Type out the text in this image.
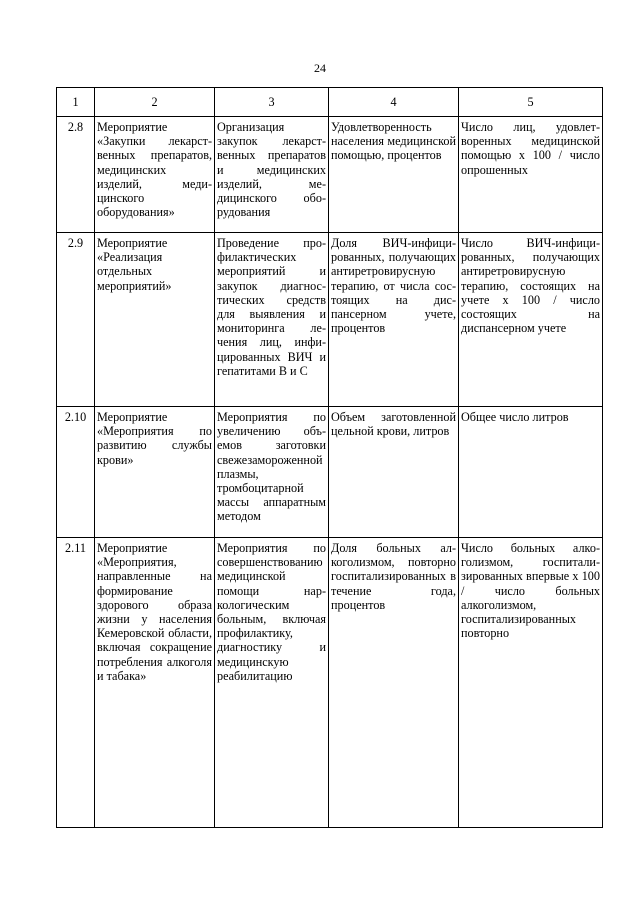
24
1	2	3	4	5
2.8	Мероприятие «Закупки лекарственных препаратов, медицинских изделий, медицинского оборудования»	Организация закупок лекарственных препаратов и медицинских изделий, медицинского оборудования	Удовлетворенность населения медицинской помощью, процентов	Число лиц, удовлетворенных медицинской помощью х 100 / число опрошенных
2.9	Мероприятие «Реализация отдельных мероприятий»	Проведение профилактических мероприятий и закупок диагностических средств для выявления и мониторинга лечения лиц, инфицированных ВИЧ и гепатитами В и С	Доля ВИЧ-инфицированных, получающих антиретровирусную терапию, от числа состоящих на диспансерном учете, процентов	Число ВИЧ-инфицированных, получающих антиретровирусную терапию, состоящих на учете х 100 / число состоящих на диспансерном учете
2.10	Мероприятие «Мероприятия по развитию службы крови»	Мероприятия по увеличению объемов заготовки свежезамороженной плазмы, тромбоцитарной массы аппаратным методом	Объем заготовленной цельной крови, литров	Общее число литров
2.11	Мероприятие «Мероприятия, направленные на формирование здорового образа жизни у населения Кемеровской области, включая сокращение потребления алкоголя и табака»	Мероприятия по совершенствованию медицинской помощи наркологическим больным, включая профилактику, диагностику и медицинскую реабилитацию	Доля больных алкоголизмом, повторно госпитализированных в течение года, процентов	Число больных алкоголизмом, госпитализированных впервые х 100 / число больных алкоголизмом, госпитализированных повторно
